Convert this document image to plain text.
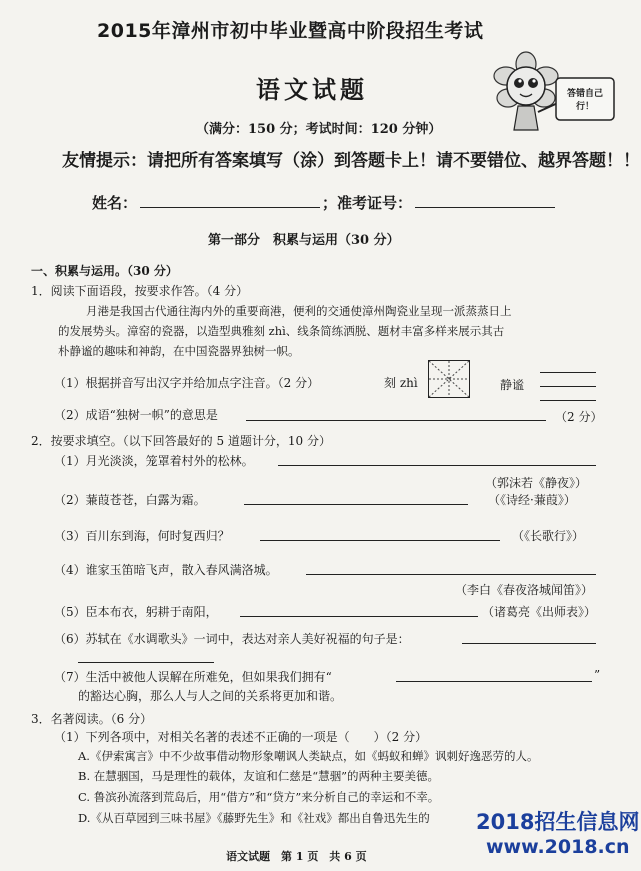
2015年漳州市初中毕业暨高中阶段招生考试
语文试题	答错自己 行！
（满分：150 分；考试时间：120 分钟）
友情提示：请把所有答案填写（涂）到答题卡上！请不要错位、越界答题！！
姓名：	；准考证号：
第一部分　积累与运用（30 分）
一、积累与运用。（30 分）
1．阅读下面语段，按要求作答。（4 分）
月港是我国古代通往海内外的重要商港，便利的交通使漳州陶瓷业呈现一派蒸蒸日上
的发展势头。漳窑的瓷器，以造型典雅刻 zhì、线条简练洒脱、题材丰富多样来展示其古
朴静谧的趣味和神韵，在中国瓷器界独树一帜。
（1）根据拼音写出汉字并给加点字注音。（2 分）	刻 zhì	静谧
（2）成语“独树一帜”的意思是	（2 分）
2．按要求填空。（以下回答最好的 5 道题计分，10 分）
（1）月光淡淡，笼罩着村外的松林。
（郭沫若《静夜》）
（2）蒹葭苍苍，白露为霜。	（《诗经·蒹葭》）
（3）百川东到海，何时复西归？	（《长歌行》）
（4）谁家玉笛暗飞声，散入春风满洛城。
（李白《春夜洛城闻笛》）
（5）臣本布衣，躬耕于南阳，	（诸葛亮《出师表》）
（6）苏轼在《水调歌头》一词中，表达对亲人美好祝福的句子是：
（7）生活中被他人误解在所难免，但如果我们拥有“	”
的豁达心胸，那么人与人之间的关系将更加和谐。
3．名著阅读。（6 分）
（1）下列各项中，对相关名著的表述不正确的一项是（　　）（2 分）
A.《伊索寓言》中不少故事借动物形象嘲讽人类缺点，如《蚂蚁和蝉》讽刺好逸恶劳的人。
B. 在慧骃国，马是理性的载体，友谊和仁慈是“慧骃”的两种主要美德。
C. 鲁滨孙流落到荒岛后，用“借方”和“贷方”来分析自己的幸运和不幸。
D.《从百草园到三味书屋》《藤野先生》和《社戏》都出自鲁迅先生的
语文试题　第 1 页　共 6 页
2018招生信息网
www.2018.cn
